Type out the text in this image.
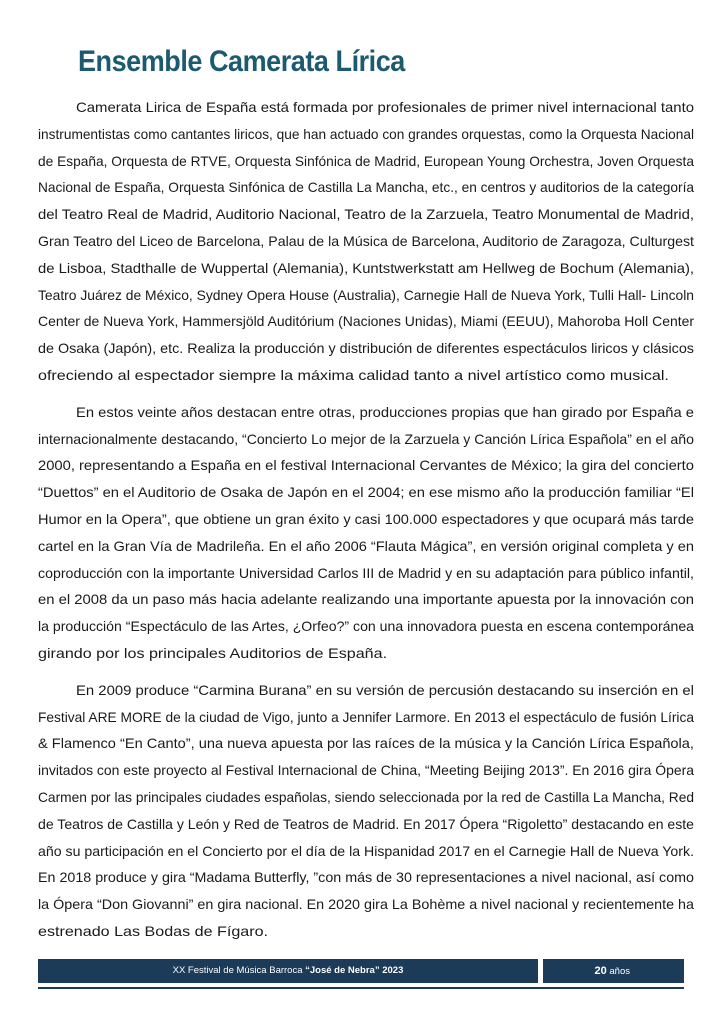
Ensemble Camerata Lírica
Camerata Lirica de España está formada por profesionales de primer nivel internacional tanto
instrumentistas como cantantes liricos, que han actuado con grandes orquestas, como la Orquesta Nacional
de España, Orquesta de RTVE, Orquesta Sinfónica de Madrid, European Young Orchestra, Joven Orquesta
Nacional de España, Orquesta Sinfónica de Castilla La Mancha, etc., en centros y auditorios de la categoría
del Teatro Real de Madrid, Auditorio Nacional, Teatro de la Zarzuela, Teatro Monumental de Madrid,
Gran Teatro del Liceo de Barcelona, Palau de la Música de Barcelona, Auditorio de Zaragoza, Culturgest
de Lisboa, Stadthalle de Wuppertal (Alemania), Kuntstwerkstatt am Hellweg de Bochum (Alemania),
Teatro Juárez de México, Sydney Opera House (Australia), Carnegie Hall de Nueva York, Tulli Hall- Lincoln
Center de Nueva York, Hammersjöld Auditórium (Naciones Unidas), Miami (EEUU), Mahoroba Holl Center
de Osaka (Japón), etc. Realiza la producción y distribución de diferentes espectáculos liricos y clásicos
ofreciendo al espectador siempre la máxima calidad tanto a nivel artístico como musical.
En estos veinte años destacan entre otras, producciones propias que han girado por España e
internacionalmente destacando, “Concierto Lo mejor de la Zarzuela y Canción Lírica Española” en el año
2000, representando a España en el festival Internacional Cervantes de México; la gira del concierto
“Duettos” en el Auditorio de Osaka de Japón en el 2004; en ese mismo año la producción familiar “El
Humor en la Opera”, que obtiene un gran éxito y casi 100.000 espectadores y que ocupará más tarde
cartel en la Gran Vía de Madrileña. En el año 2006 “Flauta Mágica”, en versión original completa y en
coproducción con la importante Universidad Carlos III de Madrid y en su adaptación para público infantil,
en el 2008 da un paso más hacia adelante realizando una importante apuesta por la innovación con
la producción “Espectáculo de las Artes, ¿Orfeo?” con una innovadora puesta en escena contemporánea
girando por los principales Auditorios de España.
En 2009 produce “Carmina Burana” en su versión de percusión destacando su inserción en el
Festival ARE MORE de la ciudad de Vigo, junto a Jennifer Larmore. En 2013 el espectáculo de fusión Lírica
& Flamenco “En Canto”, una nueva apuesta por las raíces de la música y la Canción Lírica Española,
invitados con este proyecto al Festival Internacional de China, “Meeting Beijing 2013”. En 2016 gira Ópera
Carmen por las principales ciudades españolas, siendo seleccionada por la red de Castilla La Mancha, Red
de Teatros de Castilla y León y Red de Teatros de Madrid. En 2017 Ópera “Rigoletto” destacando en este
año su participación en el Concierto por el día de la Hispanidad 2017 en el Carnegie Hall de Nueva York.
En 2018 produce y gira “Madama Butterfly, ”con más de 30 representaciones a nivel nacional, así como
la Ópera “Don Giovanni” en gira nacional. En 2020 gira La Bohème a nivel nacional y recientemente ha
estrenado Las Bodas de Fígaro.
XX Festival de Música Barroca “José de Nebra” 2023	20 años
